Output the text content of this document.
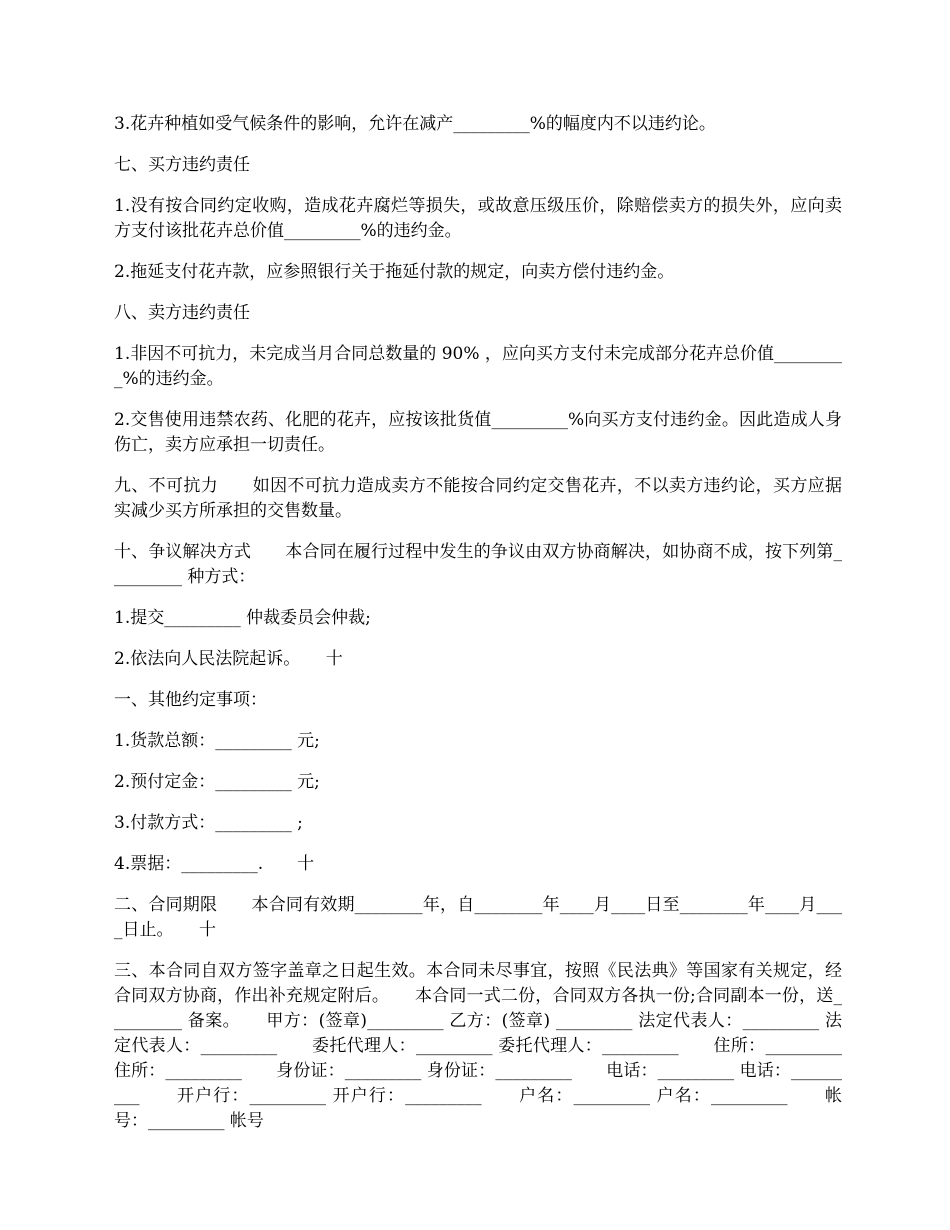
3.花卉种植如受气候条件的影响，允许在减产_________%的幅度内不以违约论。

七、买方违约责任

1.没有按合同约定收购，造成花卉腐烂等损失，或故意压级压价，除赔偿卖方的损失外，应向卖方支付该批花卉总价值_________%的违约金。

2.拖延支付花卉款，应参照银行关于拖延付款的规定，向卖方偿付违约金。

八、卖方违约责任

1.非因不可抗力，未完成当月合同总数量的 90% ，应向买方支付未完成部分花卉总价值_________%的违约金。

2.交售使用违禁农药、化肥的花卉，应按该批货值_________%向买方支付违约金。因此造成人身伤亡，卖方应承担一切责任。

九、不可抗力　　如因不可抗力造成卖方不能按合同约定交售花卉，不以卖方违约论，买方应据实减少买方所承担的交售数量。

十、争议解决方式　　本合同在履行过程中发生的争议由双方协商解决，如协商不成，按下列第_________ 种方式：

1.提交_________ 仲裁委员会仲裁;

2.依法向人民法院起诉。　　十

一、其他约定事项：

1.货款总额：_________ 元;

2.预付定金：_________ 元;

3.付款方式：_________ ;

4.票据：_________.　　十

二、合同期限　　本合同有效期________年，自________年____月____日至________年____月____日止。　　十

三、本合同自双方签字盖章之日起生效。本合同未尽事宜，按照《民法典》等国家有关规定，经合同双方协商，作出补充规定附后。　　本合同一式二份，合同双方各执一份;合同副本一份，送_________ 备案。　　甲方：(签章)_________ 乙方：(签章) _________ 法定代表人：_________ 法定代表人：_________　　委托代理人：_________ 委托代理人：_________　　住所：_________ 住所：_________　　身份证：_________ 身份证：_________　　电话：_________ 电话：_________　　开户行：_________ 开户行：_________　　户名：_________ 户名：_________　　帐号：_________ 帐号
